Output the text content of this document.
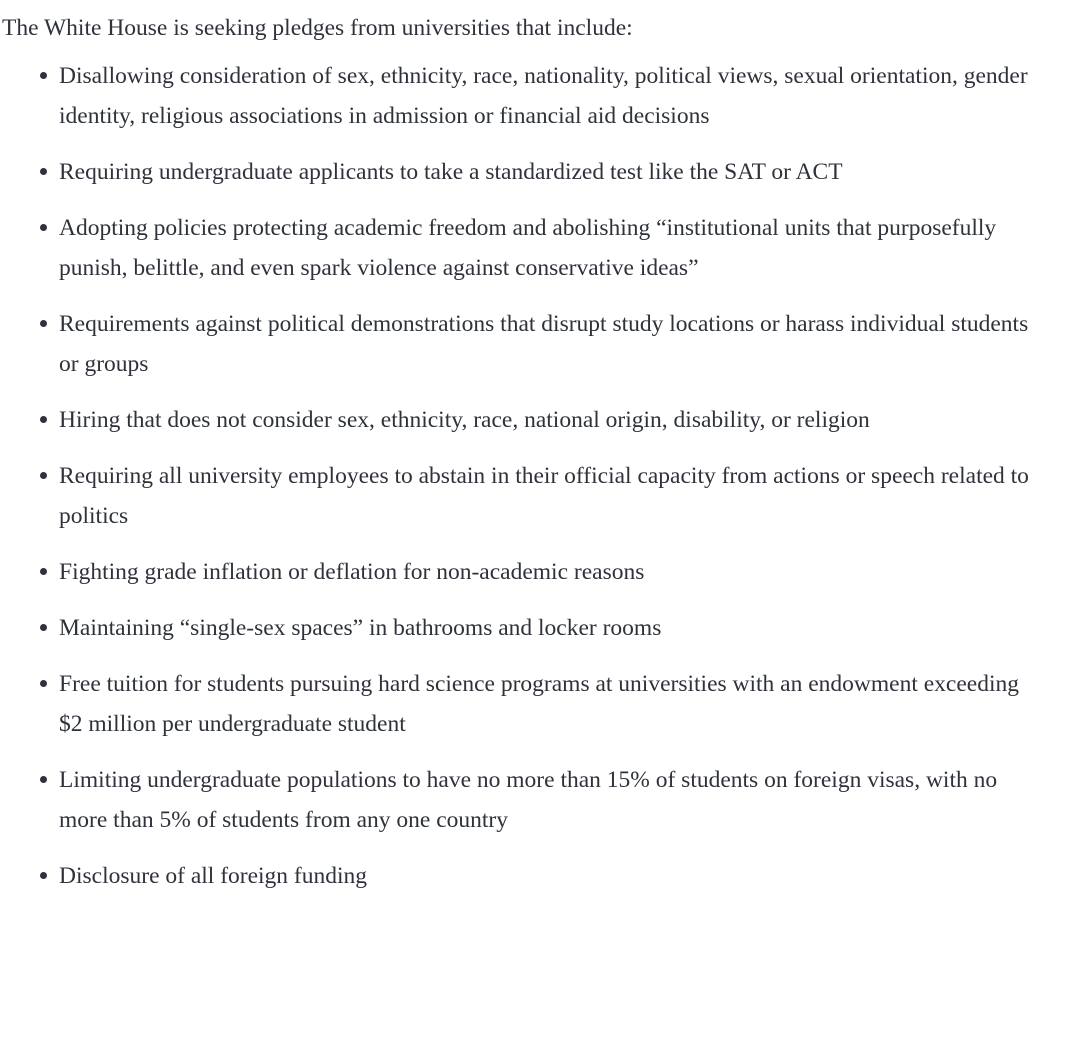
The White House is seeking pledges from universities that include:

Disallowing consideration of sex, ethnicity, race, nationality, political views, sexual orientation, gender identity, religious associations in admission or financial aid decisions
Requiring undergraduate applicants to take a standardized test like the SAT or ACT
Adopting policies protecting academic freedom and abolishing “institutional units that purposefully punish, belittle, and even spark violence against conservative ideas”
Requirements against political demonstrations that disrupt study locations or harass individual students or groups
Hiring that does not consider sex, ethnicity, race, national origin, disability, or religion
Requiring all university employees to abstain in their official capacity from actions or speech related to politics
Fighting grade inflation or deflation for non-academic reasons
Maintaining “single-sex spaces” in bathrooms and locker rooms
Free tuition for students pursuing hard science programs at universities with an endowment exceeding $2 million per undergraduate student
Limiting undergraduate populations to have no more than 15% of students on foreign visas, with no more than 5% of students from any one country
Disclosure of all foreign funding
